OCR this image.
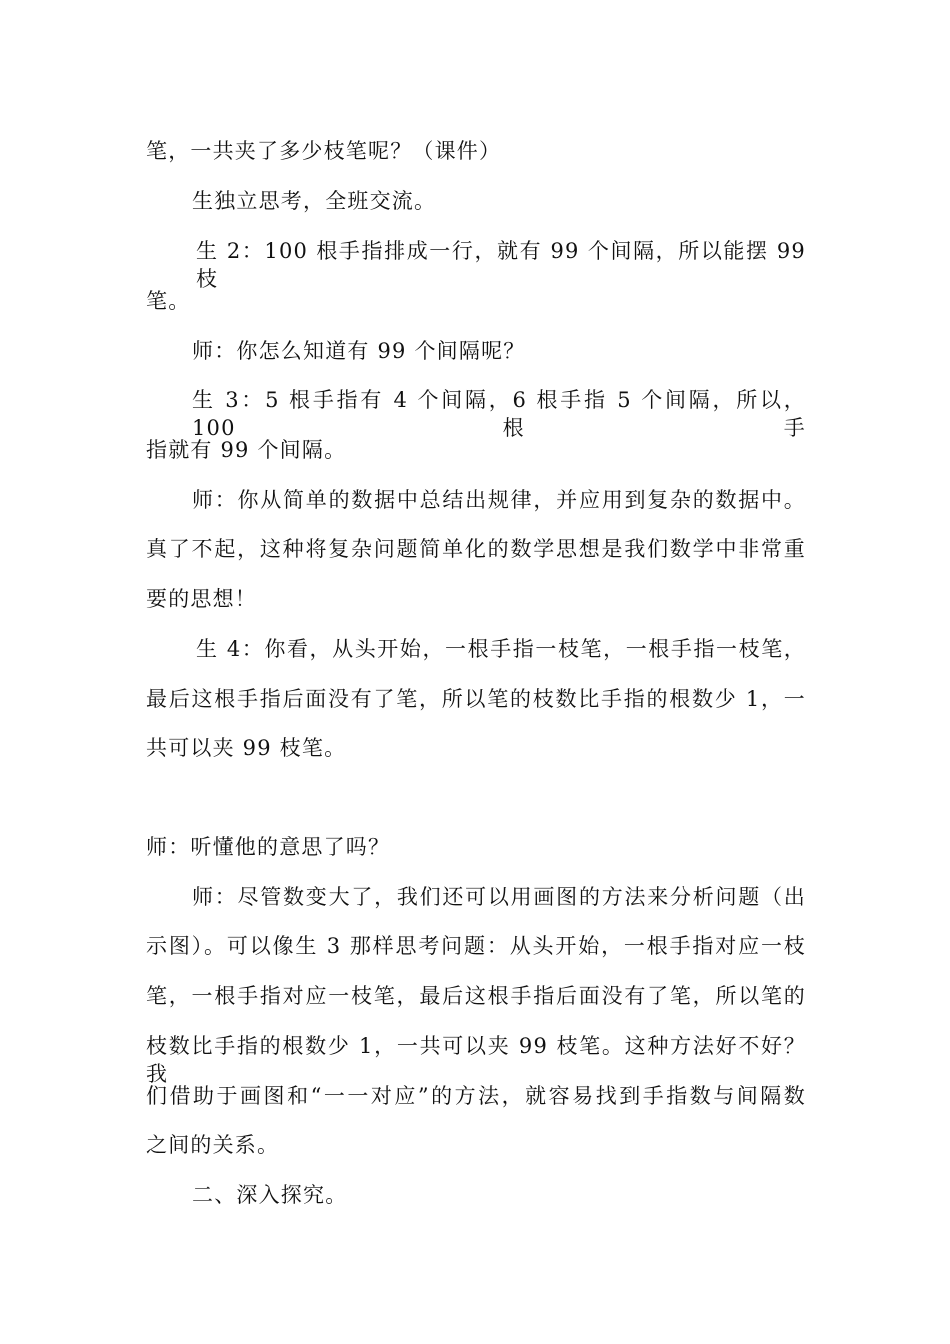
笔，一共夹了多少枝笔呢？（课件）
生独立思考，全班交流。
生 2：100 根手指排成一行，就有 99 个间隔，所以能摆 99 枝
笔。
师：你怎么知道有 99 个间隔呢？
生 3：5 根手指有 4 个间隔，6 根手指 5 个间隔，所以，100 根手
指就有 99 个间隔。
师：你从简单的数据中总结出规律，并应用到复杂的数据中。
真了不起，这种将复杂问题简单化的数学思想是我们数学中非常重
要的思想！
生 4：你看，从头开始，一根手指一枝笔，一根手指一枝笔，
最后这根手指后面没有了笔，所以笔的枝数比手指的根数少 1，一
共可以夹 99 枝笔。
师：听懂他的意思了吗？
师：尽管数变大了，我们还可以用画图的方法来分析问题（出
示图）。可以像生 3 那样思考问题：从头开始，一根手指对应一枝
笔，一根手指对应一枝笔，最后这根手指后面没有了笔，所以笔的
枝数比手指的根数少 1，一共可以夹 99 枝笔。这种方法好不好？我
们借助于画图和“一一对应”的方法，就容易找到手指数与间隔数
之间的关系。
二、深入探究。
